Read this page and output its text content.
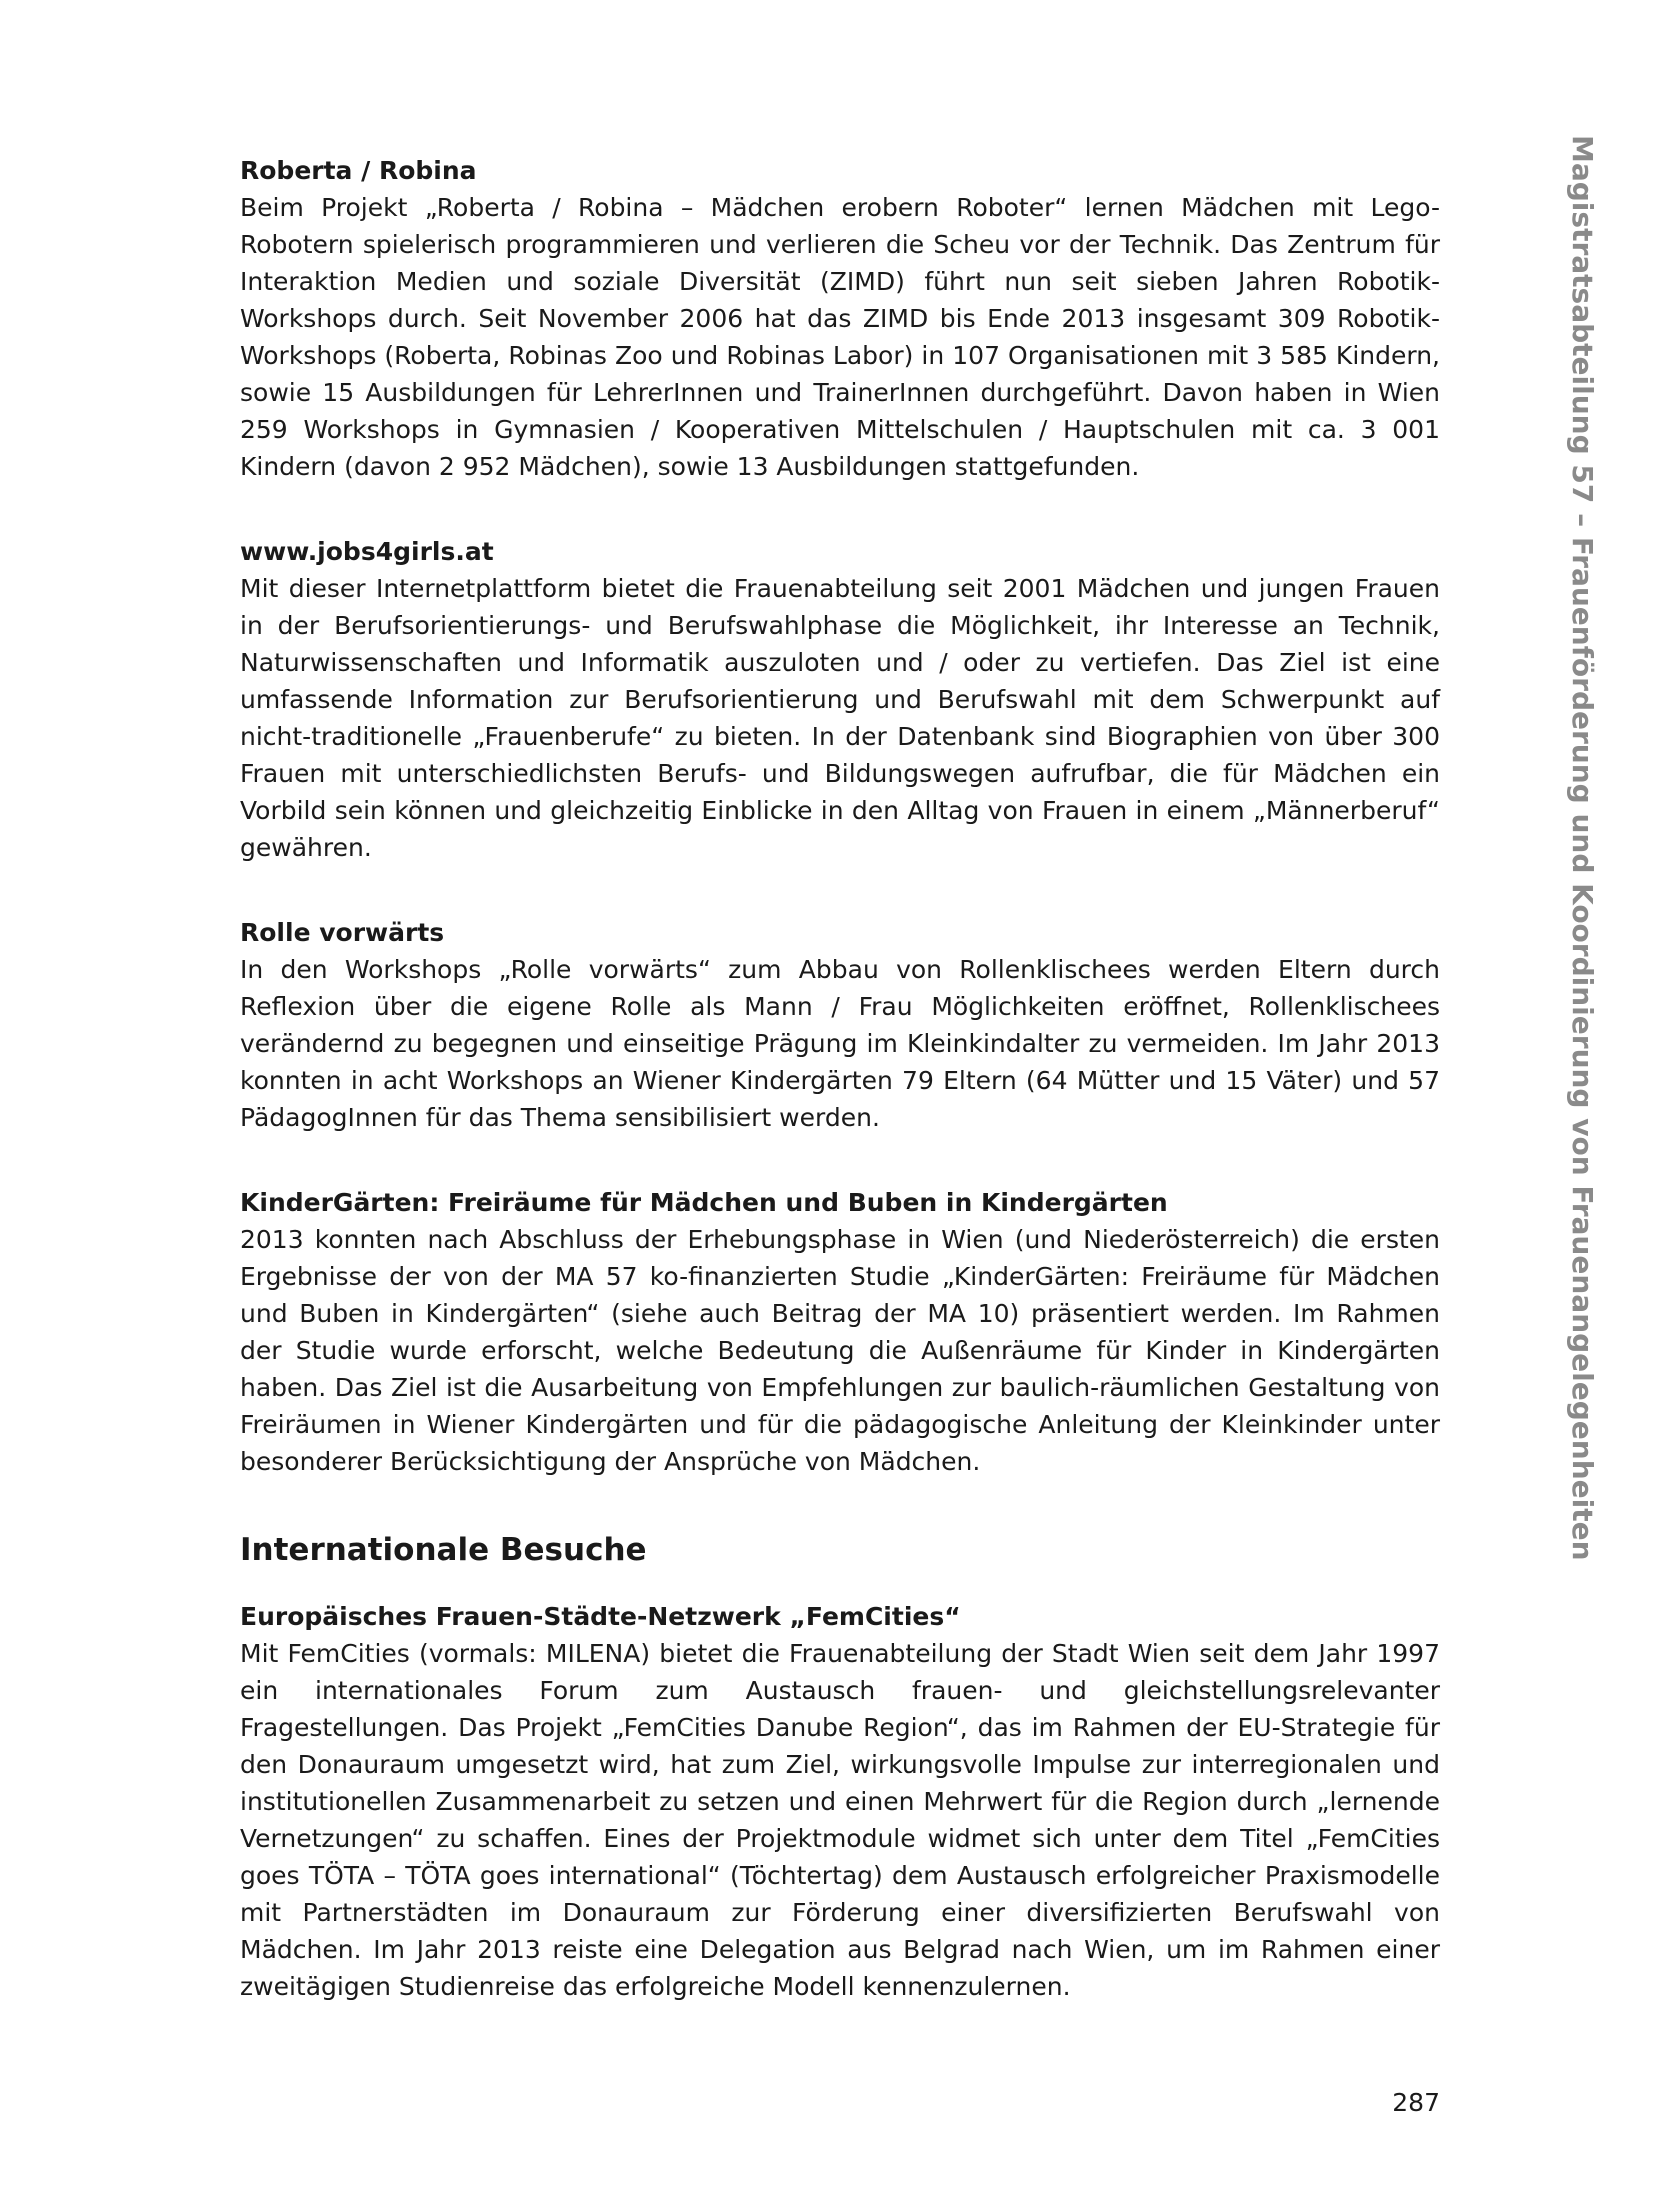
Roberta / Robina

Beim Projekt „Roberta / Robina – Mädchen erobern Roboter“ lernen Mädchen mit Lego-Robotern spielerisch programmieren und verlieren die Scheu vor der Technik. Das Zentrum für Interaktion Medien und soziale Diversität (ZIMD) führt nun seit sieben Jahren Robotik-Workshops durch. Seit November 2006 hat das ZIMD bis Ende 2013 insgesamt 309 Robotik-Workshops (Roberta, Robinas Zoo und Robinas Labor) in 107 Organisationen mit 3 585 Kindern, sowie 15 Ausbildungen für LehrerInnen und TrainerInnen durchgeführt. Davon haben in Wien 259 Workshops in Gymnasien / Kooperativen Mittelschulen / Hauptschulen mit ca. 3 001 Kindern (davon 2 952 Mädchen), sowie 13 Ausbildungen stattgefunden.

www.jobs4girls.at

Mit dieser Internetplattform bietet die Frauenabteilung seit 2001 Mädchen und jungen Frauen in der Berufsorientierungs- und Berufswahlphase die Möglichkeit, ihr Interesse an Technik, Naturwissenschaften und Informatik auszuloten und / oder zu vertiefen. Das Ziel ist eine umfassende Information zur Berufsorientierung und Berufswahl mit dem Schwerpunkt auf nicht-traditionelle „Frauenberufe“ zu bieten. In der Datenbank sind Biographien von über 300 Frauen mit unterschiedlichsten Berufs- und Bildungswegen aufrufbar, die für Mädchen ein Vorbild sein können und gleichzeitig Einblicke in den Alltag von Frauen in einem „Männerberuf“ gewähren.

Rolle vorwärts

In den Workshops „Rolle vorwärts“ zum Abbau von Rollenklischees werden Eltern durch Reflexion über die eigene Rolle als Mann / Frau Möglichkeiten eröffnet, Rollenklischees verändernd zu begegnen und einseitige Prägung im Kleinkindalter zu vermeiden. Im Jahr 2013 konnten in acht Workshops an Wiener Kindergärten 79 Eltern (64 Mütter und 15 Väter) und 57 PädagogInnen für das Thema sensibilisiert werden.

KinderGärten: Freiräume für Mädchen und Buben in Kindergärten

2013 konnten nach Abschluss der Erhebungsphase in Wien (und Niederösterreich) die ersten Ergebnisse der von der MA 57 ko-finanzierten Studie „KinderGärten: Freiräume für Mädchen und Buben in Kindergärten“ (siehe auch Beitrag der MA 10) präsentiert werden. Im Rahmen der Studie wurde erforscht, welche Bedeutung die Außenräume für Kinder in Kindergärten haben. Das Ziel ist die Ausarbeitung von Empfehlungen zur baulich-räumlichen Gestaltung von Freiräumen in Wiener Kindergärten und für die pädagogische Anleitung der Kleinkinder unter besonderer Berücksichtigung der Ansprüche von Mädchen.

Internationale Besuche

Europäisches Frauen-Städte-Netzwerk „FemCities“

Mit FemCities (vormals: MILENA) bietet die Frauenabteilung der Stadt Wien seit dem Jahr 1997 ein internationales Forum zum Austausch frauen- und gleichstellungsrelevanter Fragestellungen. Das Projekt „FemCities Danube Region“, das im Rahmen der EU-Strategie für den Donauraum umgesetzt wird, hat zum Ziel, wirkungsvolle Impulse zur interregionalen und institutionellen Zusammenarbeit zu setzen und einen Mehrwert für die Region durch „lernende Vernetzungen“ zu schaffen. Eines der Projektmodule widmet sich unter dem Titel „FemCities goes TÖTA – TÖTA goes international“ (Töchtertag) dem Austausch erfolgreicher Praxismodelle mit Partnerstädten im Donauraum zur Förderung einer diversifizierten Berufswahl von Mädchen. Im Jahr 2013 reiste eine Delegation aus Belgrad nach Wien, um im Rahmen einer zweitägigen Studienreise das erfolgreiche Modell kennenzulernen.

Magistratsabteilung 57 – Frauenförderung und Koordinierung von Frauenangelegenheiten
287
